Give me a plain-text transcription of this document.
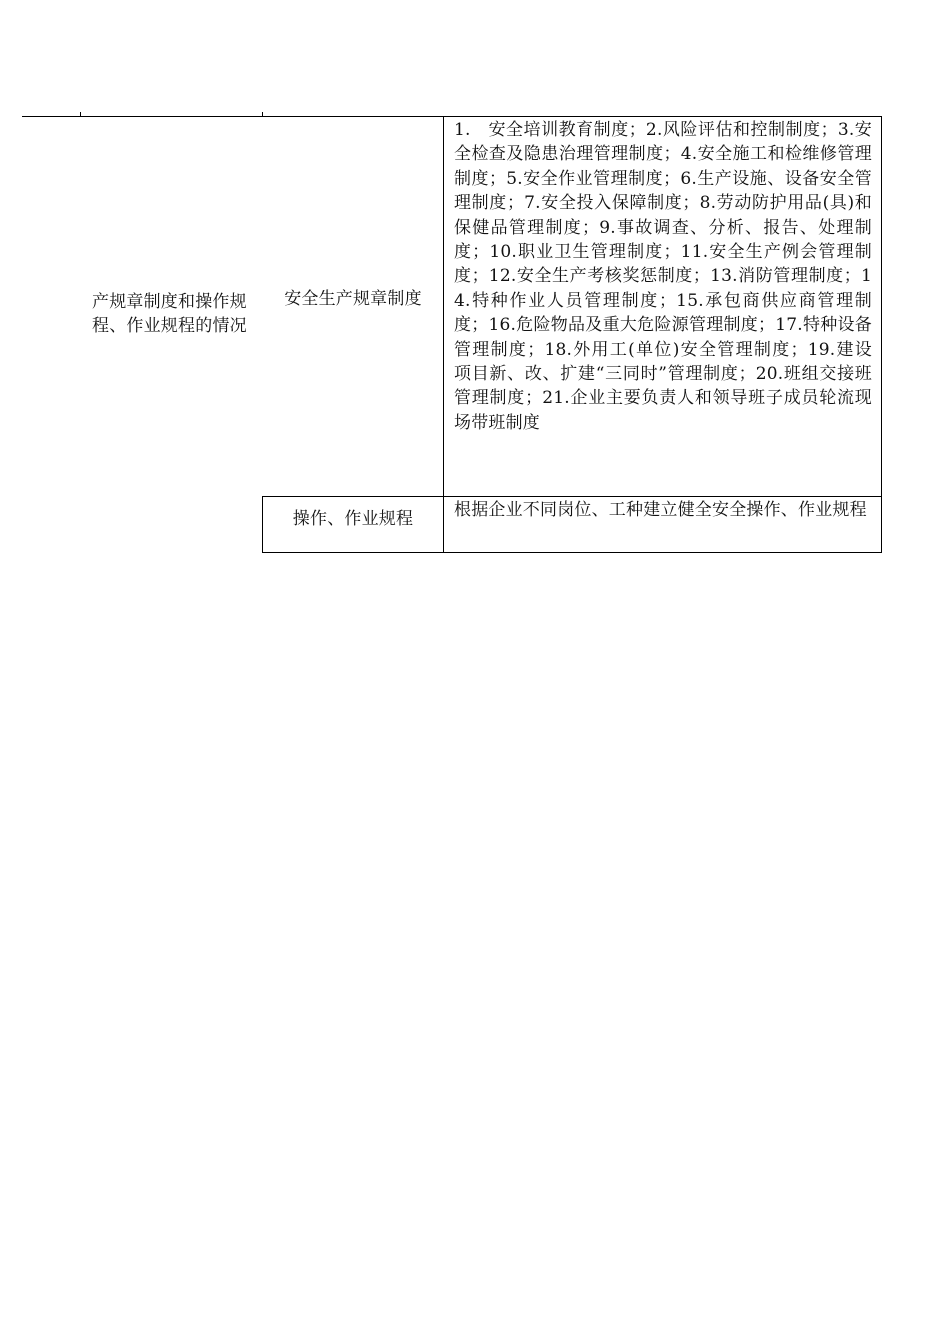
产规章制度和操作规程、作业规程的情况
安全生产规章制度
1.　安全培训教育制度；2.风险评估和控制制度；3.安全检查及隐患治理管理制度；4.安全施工和检维修管理制度；5.安全作业管理制度；6.生产设施、设备安全管理制度；7.安全投入保障制度；8.劳动防护用品(具)和保健品管理制度；9.事故调查、分析、报告、处理制度；10.职业卫生管理制度；11.安全生产例会管理制度；12.安全生产考核奖惩制度；13.消防管理制度；14.特种作业人员管理制度；15.承包商供应商管理制度；16.危险物品及重大危险源管理制度；17.特种设备管理制度；18.外用工(单位)安全管理制度；19.建设 项目新、改、扩建“三同时”管理制度；20.班组交接班管理制度；21.企业主要负责人和领导班子成员轮流现场带班制度
操作、作业规程	根据企业不同岗位、工种建立健全安全操作、作业规程
